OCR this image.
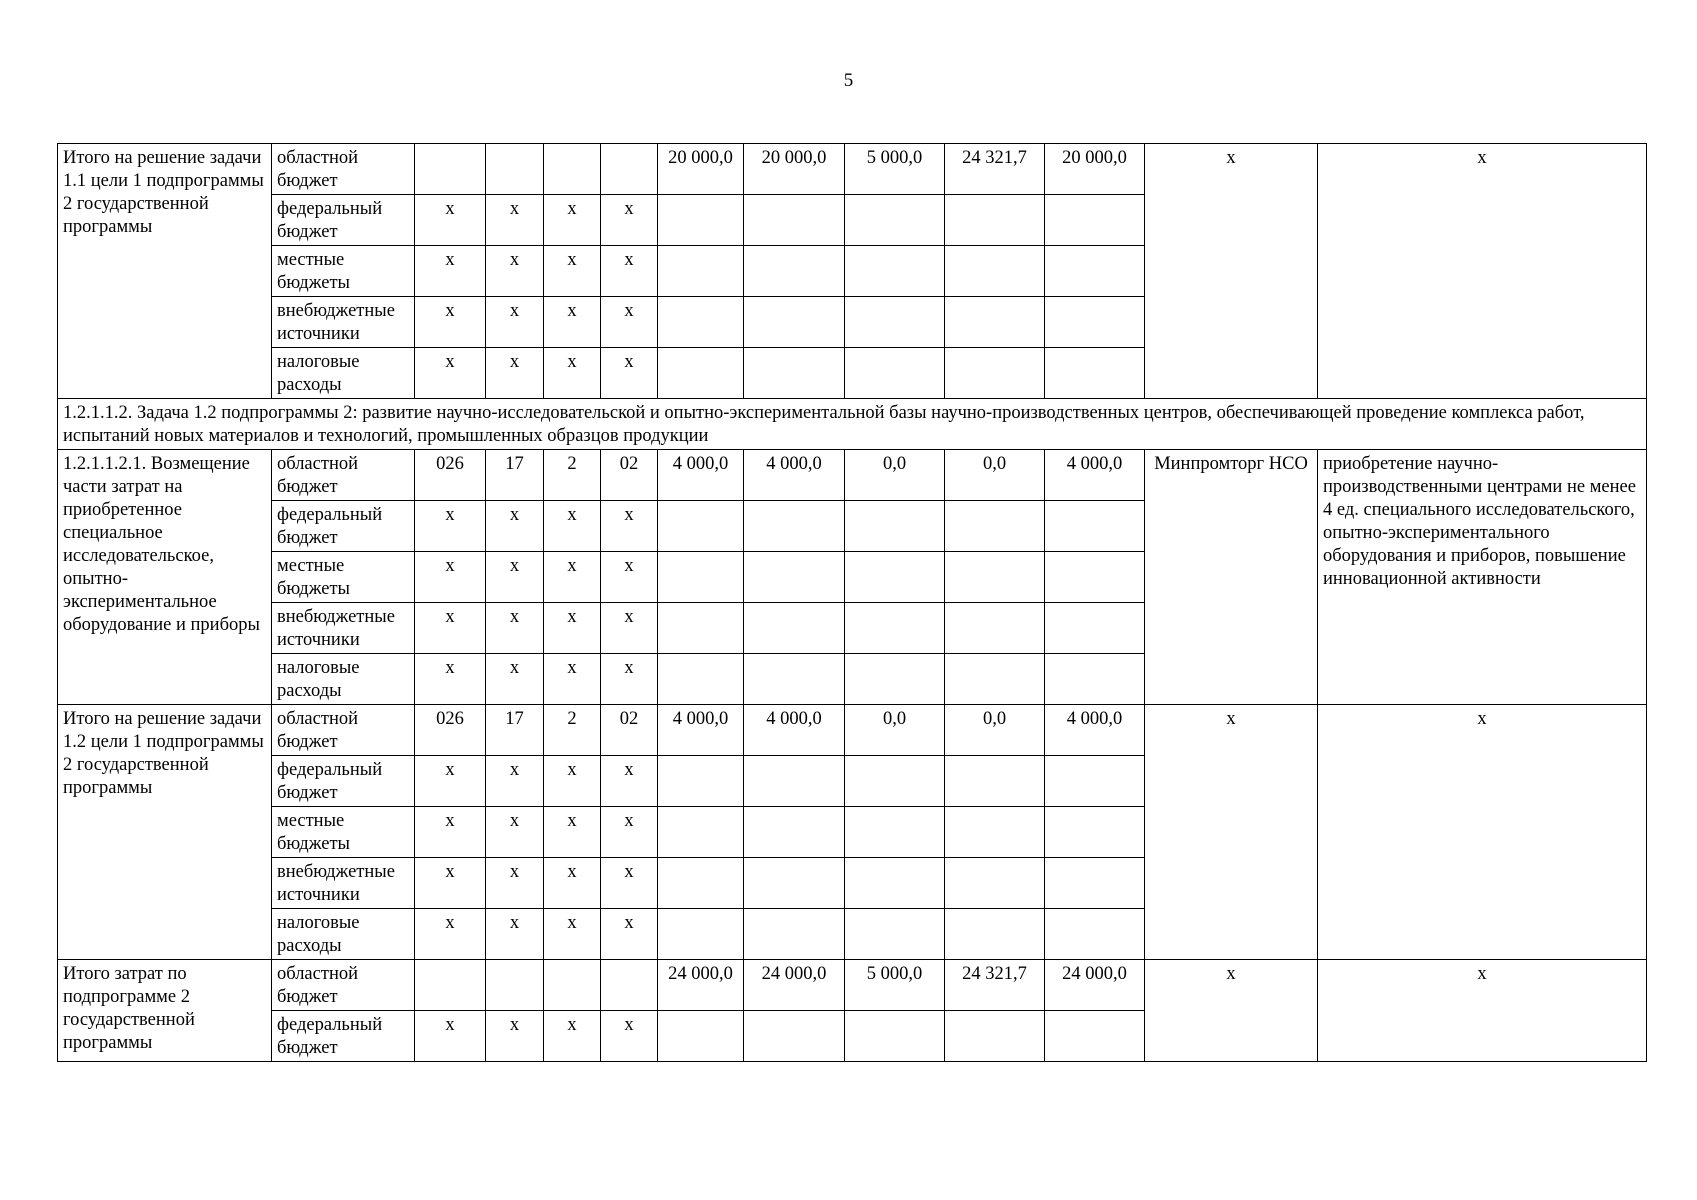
5
Итого на решение задачи 1.1 цели 1 подпрограммы 2 государственной программы	областной бюджет					20 000,0	20 000,0	5 000,0	24 321,7	20 000,0	х	х
	федеральный бюджет	х	х	х	х							
	местные бюджеты	х	х	х	х							
	внебюджетные источники	х	х	х	х							
	налоговые расходы	х	х	х	х							
1.2.1.1.2. Задача 1.2 подпрограммы 2: развитие научно-исследовательской и опытно-экспериментальной базы научно-производственных центров, обеспечивающей проведение комплекса работ, испытаний новых материалов и технологий, промышленных образцов продукции												
1.2.1.1.2.1. Возмещение части затрат на приобретенное специальное исследовательское, опытно-экспериментальное оборудование и приборы	областной бюджет	026	17	2	02	4 000,0	4 000,0	0,0	0,0	4 000,0	Минпромторг НСО	приобретение научно-производственными центрами не менее 4 ед. специального исследовательского, опытно-экспериментального оборудования и приборов, повышение инновационной активности
	федеральный бюджет	х	х	х	х							
	местные бюджеты	х	х	х	х							
	внебюджетные источники	х	х	х	х							
	налоговые расходы	х	х	х	х							
Итого на решение задачи 1.2 цели 1 подпрограммы 2 государственной программы	областной бюджет	026	17	2	02	4 000,0	4 000,0	0,0	0,0	4 000,0	х	х
	федеральный бюджет	х	х	х	х							
	местные бюджеты	х	х	х	х							
	внебюджетные источники	х	х	х	х							
	налоговые расходы	х	х	х	х							
Итого затрат по подпрограмме 2 государственной программы	областной бюджет					24 000,0	24 000,0	5 000,0	24 321,7	24 000,0	х	х
	федеральный бюджет	х	х	х	х							
